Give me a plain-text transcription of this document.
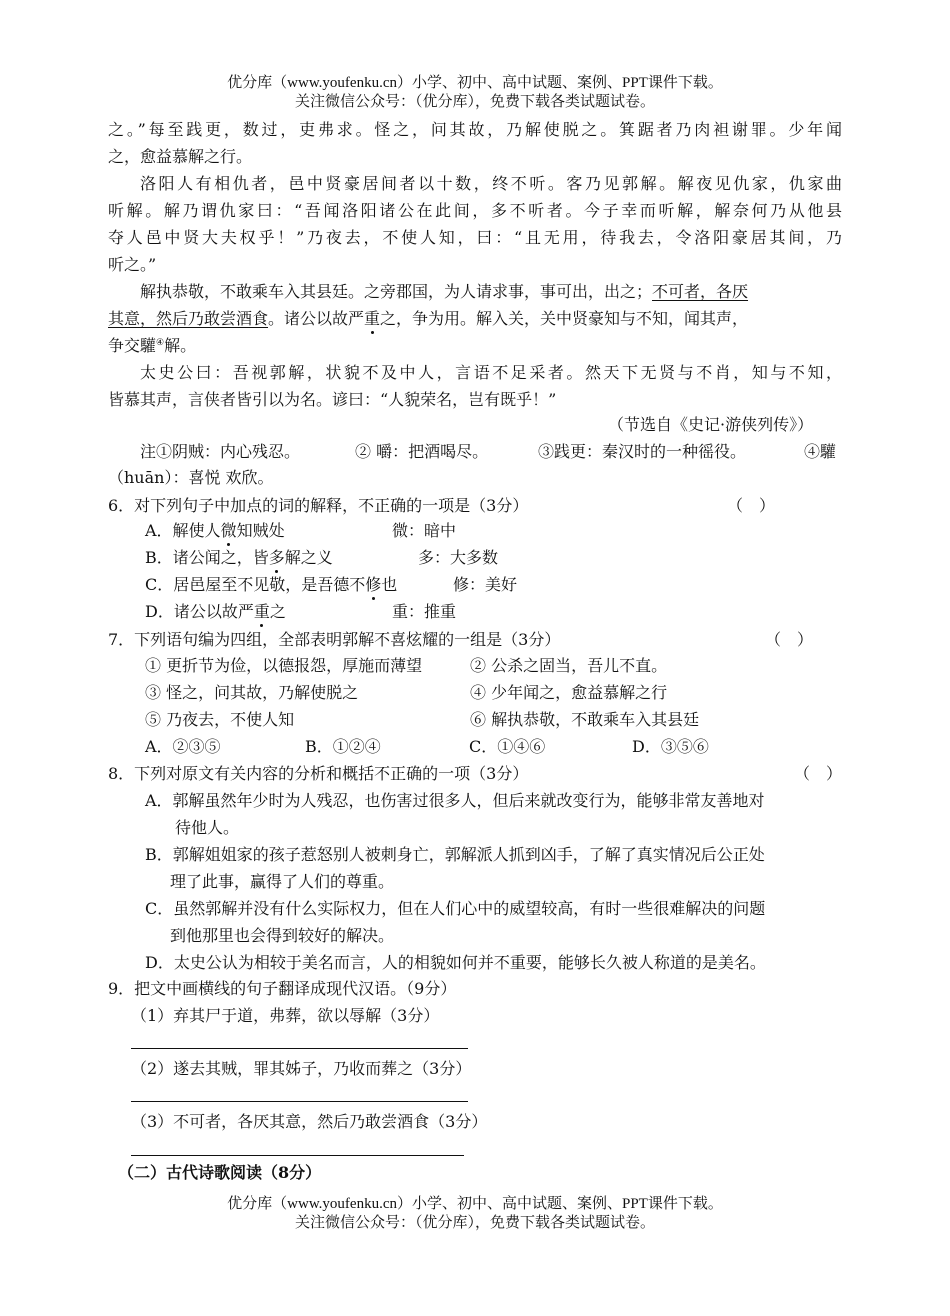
优分库（www.youfenku.cn）小学、初中、高中试题、案例、PPT课件下载。
关注微信公众号：（优分库），免费下载各类试题试卷。
之。”每至践更，数过，吏弗求。怪之，问其故，乃解使脱之。箕踞者乃肉袒谢罪。少年闻
之，愈益慕解之行。
洛阳人有相仇者，邑中贤豪居间者以十数，终不听。客乃见郭解。解夜见仇家，仇家曲
听解。解乃谓仇家曰：“吾闻洛阳诸公在此间，多不听者。今子幸而听解，解奈何乃从他县
夺人邑中贤大夫权乎！”乃夜去，不使人知，曰：“且无用，待我去，令洛阳豪居其间，乃
听之。”
解执恭敬，不敢乘车入其县廷。之旁郡国，为人请求事，事可出，出之；不可者，各厌
其意，然后乃敢尝酒食。诸公以故严重之，争为用。解入关，关中贤豪知与不知，闻其声，
争交驩④解。
太史公曰：吾视郭解，状貌不及中人，言语不足采者。然天下无贤与不肖，知与不知，
皆慕其声，言侠者皆引以为名。谚曰：“人貌荣名，岂有既乎！”
（节选自《史记·游侠列传》）
注①阴贼：内心残忍。	② 嚼：把酒喝尽。	③践更：秦汉时的一种徭役。	④驩
（huān）：喜悦 欢欣。
6．对下列句子中加点的词的解释，不正确的一项是（3分）	（　）
A．解使人微知贼处	微：暗中
B．诸公闻之，皆多解之义	多：大多数
C．居邑屋至不见敬，是吾德不修也	修：美好
D．诸公以故严重之	重：推重
7．下列语句编为四组，全部表明郭解不喜炫耀的一组是（3分）	（　）
① 更折节为俭，以德报怨，厚施而薄望	② 公杀之固当，吾儿不直。
③ 怪之，问其故，乃解使脱之	④ 少年闻之，愈益慕解之行
⑤ 乃夜去，不使人知	⑥ 解执恭敬，不敢乘车入其县廷
A．②③⑤	B．①②④	C．①④⑥	D．③⑤⑥
8．下列对原文有关内容的分析和概括不正确的一项（3分）	（　）
A．郭解虽然年少时为人残忍，也伤害过很多人，但后来就改变行为，能够非常友善地对
待他人。
B．郭解姐姐家的孩子惹怒别人被刺身亡，郭解派人抓到凶手，了解了真实情况后公正处
理了此事，赢得了人们的尊重。
C．虽然郭解并没有什么实际权力，但在人们心中的威望较高，有时一些很难解决的问题
到他那里也会得到较好的解决。
D．太史公认为相较于美名而言，人的相貌如何并不重要，能够长久被人称道的是美名。
9．把文中画横线的句子翻译成现代汉语。（9分）
（1）弃其尸于道，弗葬，欲以辱解（3分）
（2）遂去其贼，罪其姊子，乃收而葬之（3分）
（3）不可者，各厌其意，然后乃敢尝酒食（3分）
（二）古代诗歌阅读（8分）
优分库（www.youfenku.cn）小学、初中、高中试题、案例、PPT课件下载。
关注微信公众号：（优分库），免费下载各类试题试卷。
